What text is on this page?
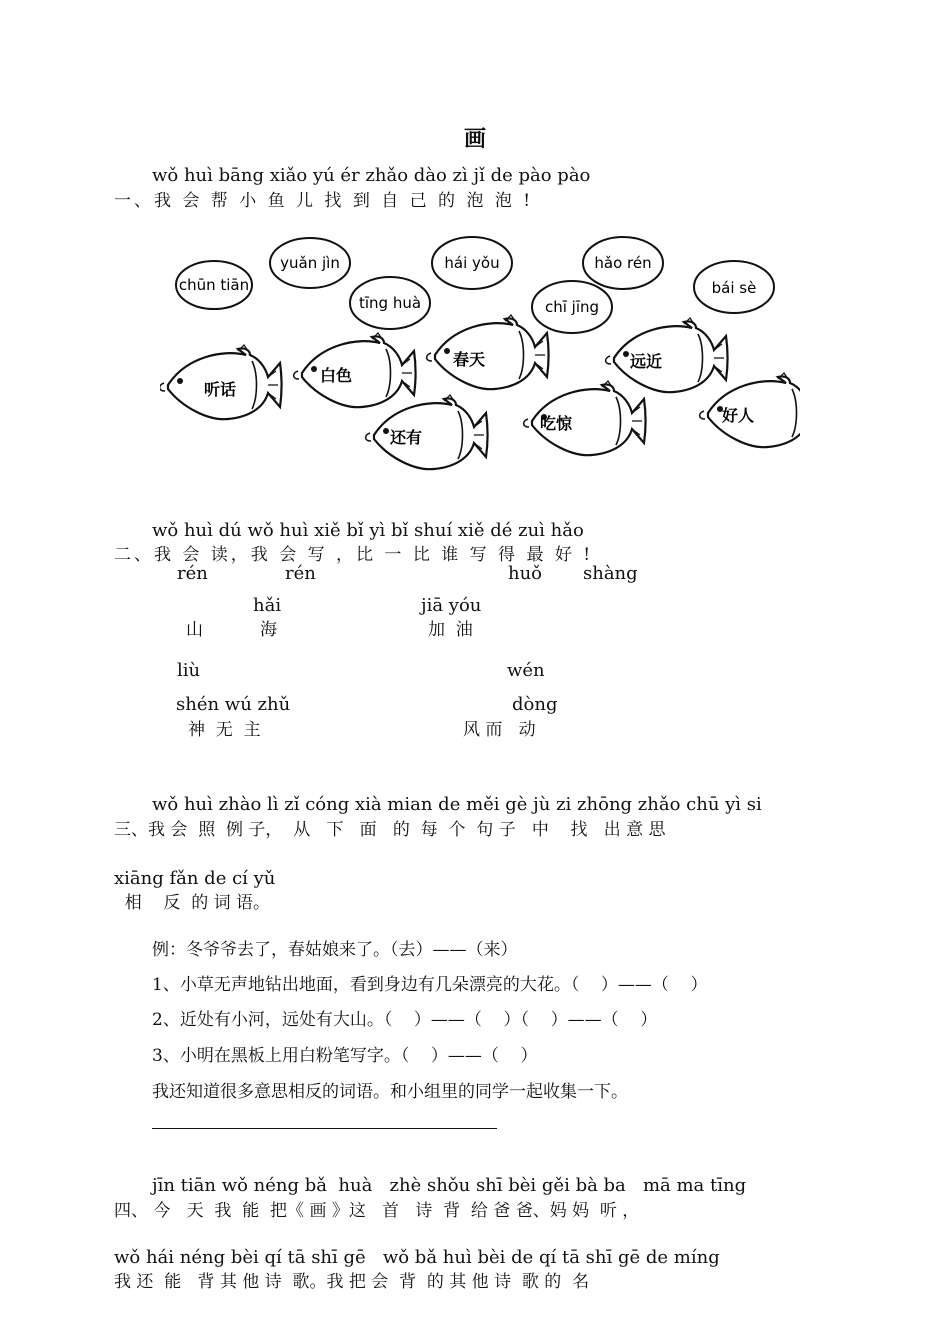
画
wǒ huì bāng xiǎo yú ér zhǎo dào zì jǐ de pào pào
一、我 会 帮 小 鱼 儿 找 到 自 己 的 泡 泡 !
chūn tiān
yuǎn jìn
tīng huà
hái yǒu
chī jīng
hǎo rén
bái sè
听话
白色
春天	远近
还有
吃惊	好人
wǒ huì dú wǒ huì xiě bǐ yì bǐ shuí xiě dé zuì hǎo
二、我 会 读，我 会 写 ，比 一 比 谁 写 得 最 好 !
rén	rén	huǒ shàng
hǎi	jiā yóu
山	海	加  油
liù	wén
shén wú zhǔ	dòng
神  无  主	风 而   动
wǒ huì zhào lì zǐ cóng xià mian de měi gè jù zi zhōng zhǎo chū yì si
三、我 会  照  例 子，  从   下   面   的  每  个  句 子   中    找   出 意 思
xiāng fǎn de cí yǔ
相    反  的 词 语。
例：冬爷爷去了，春姑娘来了。（去）——（来）
1、小草无声地钻出地面，看到身边有几朵漂亮的大花。（    ）——（    ）
2、近处有小河，远处有大山。（    ）——（    ）（    ）——（    ）
3、小明在黑板上用白粉笔写字。（    ）——（    ）
我还知道很多意思相反的词语。和小组里的同学一起收集一下。
jīn tiān wǒ néng bǎ  huà   zhè shǒu shī bèi gěi bà ba   mā ma tīng
四、 今   天  我  能  把《 画 》这   首   诗  背  给 爸 爸、妈 妈  听 ，
wǒ hái néng bèi qí tā shī gē   wǒ bǎ huì bèi de qí tā shī gē de míng
我 还  能   背 其 他 诗  歌。我 把 会  背  的 其 他 诗  歌 的  名
